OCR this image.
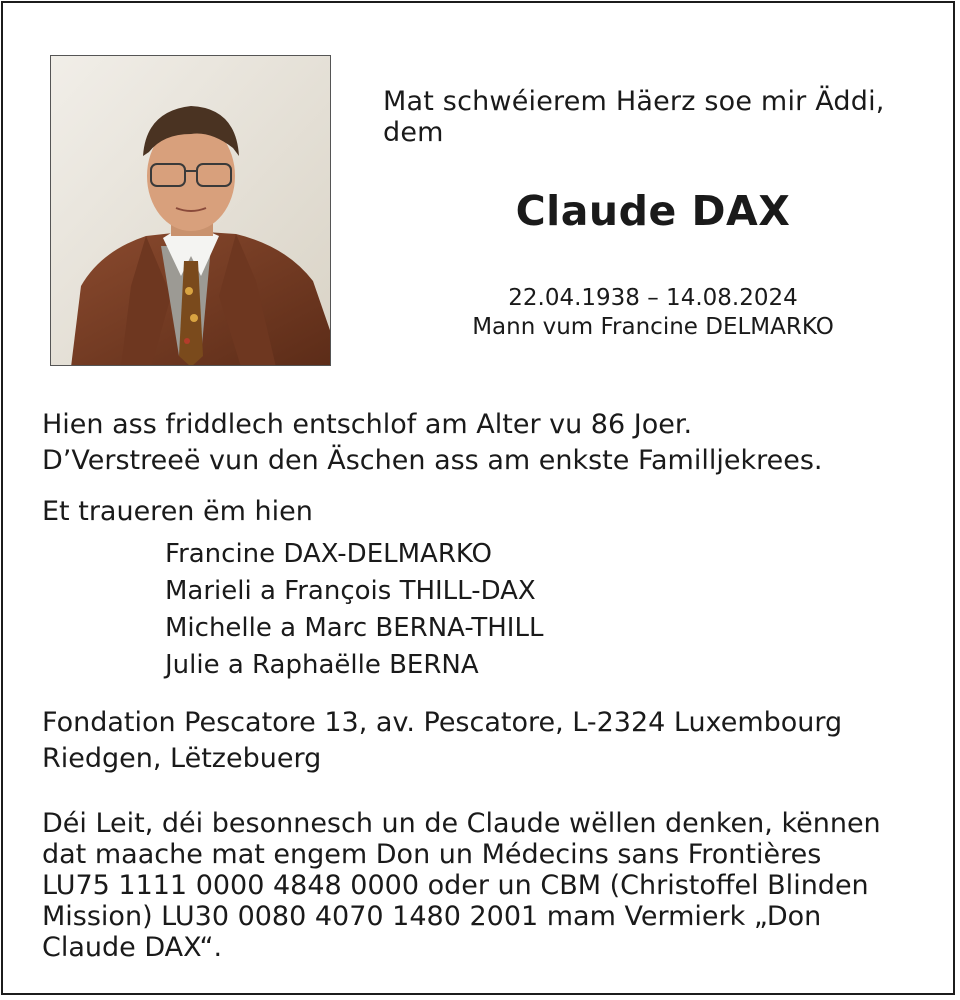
Mat schwéierem Häerz soe mir Äddi,
dem
Claude DAX
22.04.1938 – 14.08.2024
Mann vum Francine DELMARKO
Hien ass friddlech entschlof am Alter vu 86 Joer.
D’Verstreeë vun den Äschen ass am enkste Familljekrees.
Et traueren ëm hien
Francine DAX-DELMARKO
Marieli a François THILL-DAX
Michelle a Marc BERNA-THILL
Julie a Raphaëlle BERNA
Fondation Pescatore 13, av. Pescatore, L-2324 Luxembourg
Riedgen, Lëtzebuerg
Déi Leit, déi besonnesch un de Claude wëllen denken, kënnen
dat maache mat engem Don un Médecins sans Frontières
LU75 1111 0000 4848 0000 oder un CBM (Christoffel Blinden
Mission) LU30 0080 4070 1480 2001 mam Vermierk „Don
Claude DAX“.
